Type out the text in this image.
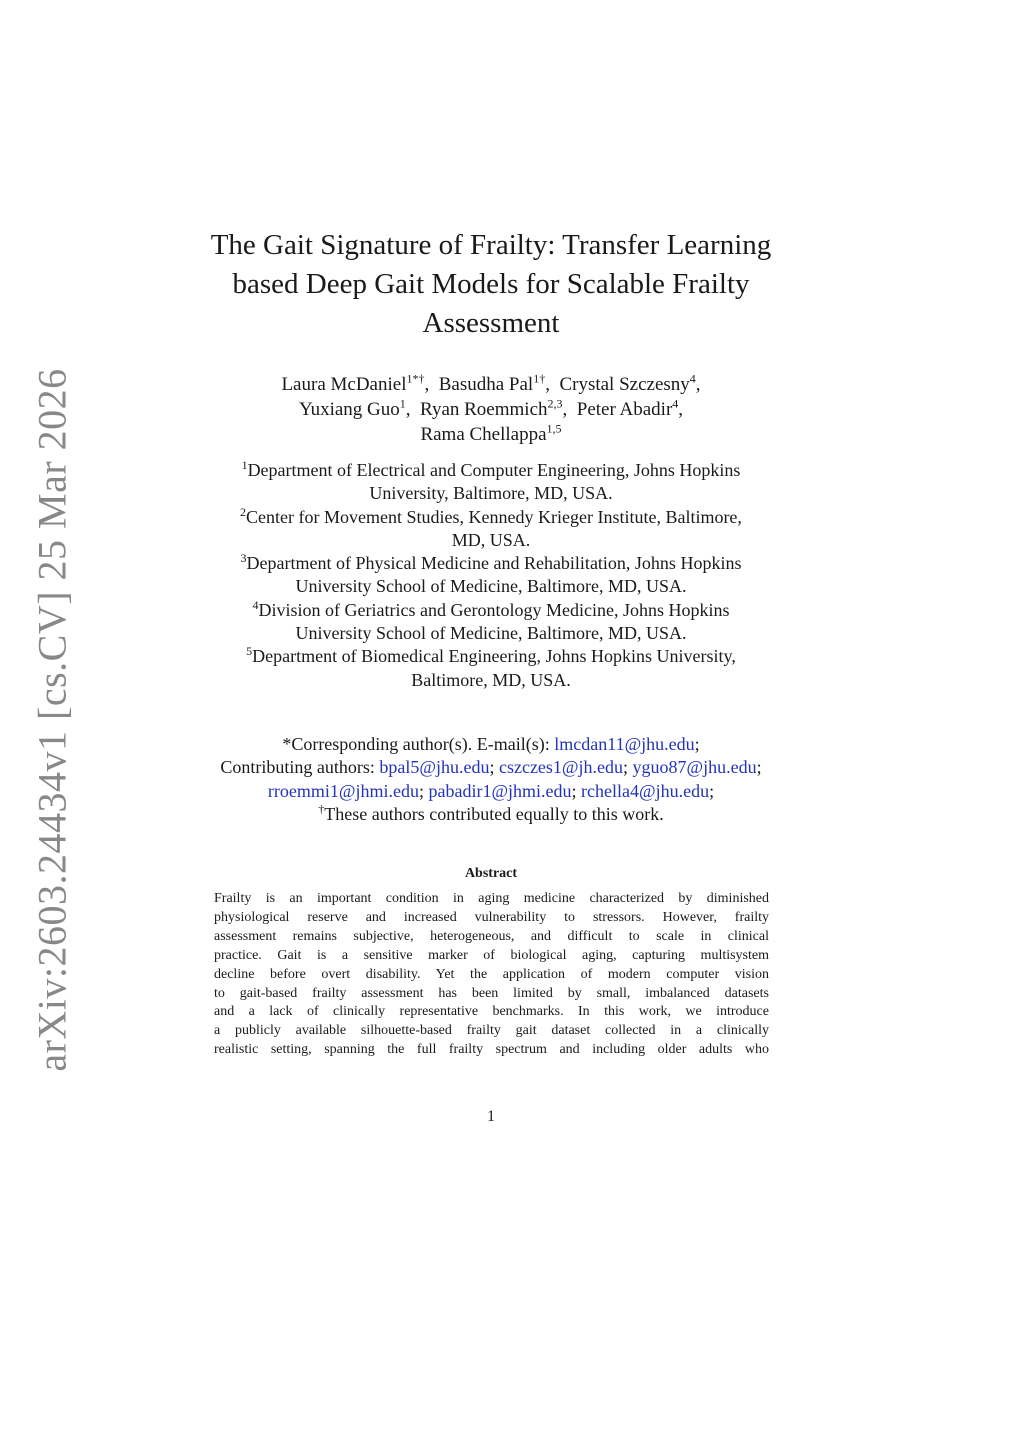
arXiv:2603.24434v1 [cs.CV] 25 Mar 2026
The Gait Signature of Frailty: Transfer Learning
based Deep Gait Models for Scalable Frailty
Assessment
Laura McDaniel$^{1*\dagger}$, Basudha Pal$^{1\dagger}$, Crystal Szczesny$^4$,
Yuxiang Guo$^1$, Ryan Roemmich$^{2,3}$, Peter Abadir$^4$,
Rama Chellappa$^{1,5}$
$^1$Department of Electrical and Computer Engineering, Johns Hopkins
University, Baltimore, MD, USA.
$^2$Center for Movement Studies, Kennedy Krieger Institute, Baltimore,
MD, USA.
$^3$Department of Physical Medicine and Rehabilitation, Johns Hopkins
University School of Medicine, Baltimore, MD, USA.
$^4$Division of Geriatrics and Gerontology Medicine, Johns Hopkins
University School of Medicine, Baltimore, MD, USA.
$^5$Department of Biomedical Engineering, Johns Hopkins University,
Baltimore, MD, USA.
*Corresponding author(s). E-mail(s): lmcdan11@jhu.edu;
Contributing authors: bpal5@jhu.edu; cszczes1@jh.edu; yguo87@jhu.edu;
rroemmi1@jhmi.edu; pabadir1@jhmi.edu; rchella4@jhu.edu;
†These authors contributed equally to this work.
Abstract
Frailty is an important condition in aging medicine characterized by diminished
physiological reserve and increased vulnerability to stressors. However, frailty
assessment remains subjective, heterogeneous, and difficult to scale in clinical
practice. Gait is a sensitive marker of biological aging, capturing multisystem
decline before overt disability. Yet the application of modern computer vision
to gait-based frailty assessment has been limited by small, imbalanced datasets
and a lack of clinically representative benchmarks. In this work, we introduce
a publicly available silhouette-based frailty gait dataset collected in a clinically
realistic setting, spanning the full frailty spectrum and including older adults who
1
